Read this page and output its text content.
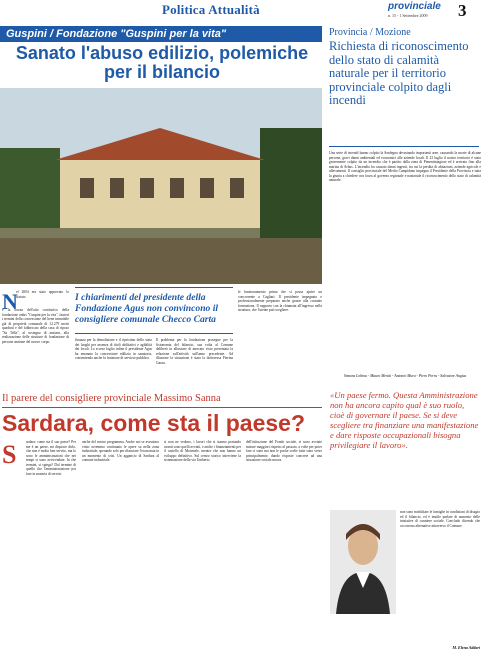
Politica Attualità	provinciale
n. 15 - 1 Settembre 2009 3
Guspini / Fondazione "Guspini per la vita"
Sanato l'abuso edilizio, polemiche per il bilancio
N
el 2004 era stato approvato lo statuto
e la bozza dell'atto costitutivo della fondazione onlus "Guspini per la vita", fautori i termini della concessione del bene immobile già di proprietà comunale di 12.279 metri quadrati e del fabbricato della casa di riposo "Sa Tella", al sostegno di anziani, alla realizzazione delle strutture di fondazione di persone anziane del nuovo corpo.
I chiarimenti del presidente della Fondazione Agus non convincono il consigliere comunale Checco Carta
finanza per la demolizione e il ripristino dello stato dei luoghi per assenza di titoli abilitativi e agibilità dei locali. Lo scorso luglio infine il presidente Agus ha emanato la concessione edilizia in sanatoria, consentendo anche la fruizione di servizio pubblico.
Il problema per la fondazione prosegue per la fisionomia del bilancio, sua volta al Comune deliberò in allusione di mercato visto presentata la relazione sull'attività sull'anno precedente. Ad illustrare la situazione è stata la dottoressa Pierina Garau.
le funzionamento prima che si possa aprire un concorrente a Cagliari. Il presidente impegnato e professionalmente preparato anche grazie alla costante formazione. Il rapporto con la chiamata all'ingresso nella struttura, che l'utente può scegliere.
Provincia / Mozione
Richiesta di riconoscimento dello stato di calamità naturale per il territorio provinciale colpito dagli incendi
Una serie di incendi hanno colpito la Sardegna devastando importanti aree, causando la morte di alcune persone, gravi danni ambientali ed economici alle aziende locali. Il 23 luglio il nostro territorio è stato gravemente colpito da un incendio che è partito dalla zona di Pimentiniagiore ed è arrivato fino alla marina di Arbus. L'incendio ha causato danni ingenti, tra cui la perdita di abitazioni, aziende agricole e allevamenti. Il consiglio provinciale del Medio Campidano impegna il Presidente della Provincia e tutta la giunta a chiedere con forza al governo regionale e nazionale il riconoscimento dello stato di calamità naturale.
Simona Lobina - Mauro Meniti - Antonio Mura - Piero Porru - Salvatore Angius
Il parere del consigliere provinciale Massimo Sanna
Sardara, come sta il paese?
S	ardara: come sta il suo paese? Per me è un paese, mi dispiace dirlo, che non è molto ben servito, ma lo sono le amministrazioni che nei tempi si sono avvicendate. In che termini, si spiega? Dal termine di quello che l'amministrazione poi fare in materia di servizi.
anche del nostro programma. Anche noi se avessimo vinto avremmo continuato le opere su nella zona industriale, sperando solo per rilanciare l'economia in un momento di crisi. Un aggancio di Sardara al comune industriale.
si non ne vedono, i lavori che si stanno portando avanti sono quelli avviati, e anche i finanziamenti per il castello di Monreale, mentre che non hanno un sviluppo definitivo. Sul centro storico interviene la sistemazione della via Umberto.
dell'istituzione del Fondo sociale, si sono avviate misure maggiori rispetto al passato, a volte per poter fare ci sono ma non le poche scelte fatte sono verso principalmente, dando risposte concrete ad una situazione sociale nuova.
«Un paese fermo. Questa Amministrazione non ha ancora capito qual è suo ruolo, cioè di governare il paese. Se si deve scegliere tra finanziare una manifestazione e dare risposte occupazionali bisogna privilegiare il lavoro».
non sono mobilitate le famiglie in condizioni di disagio ed il bilancio, ed è inutile parlare di aumento delle iniziative di carattere sociale. Concludo dicendo che occorrono alternative attraverso il Comune.
M. Elena Addari
